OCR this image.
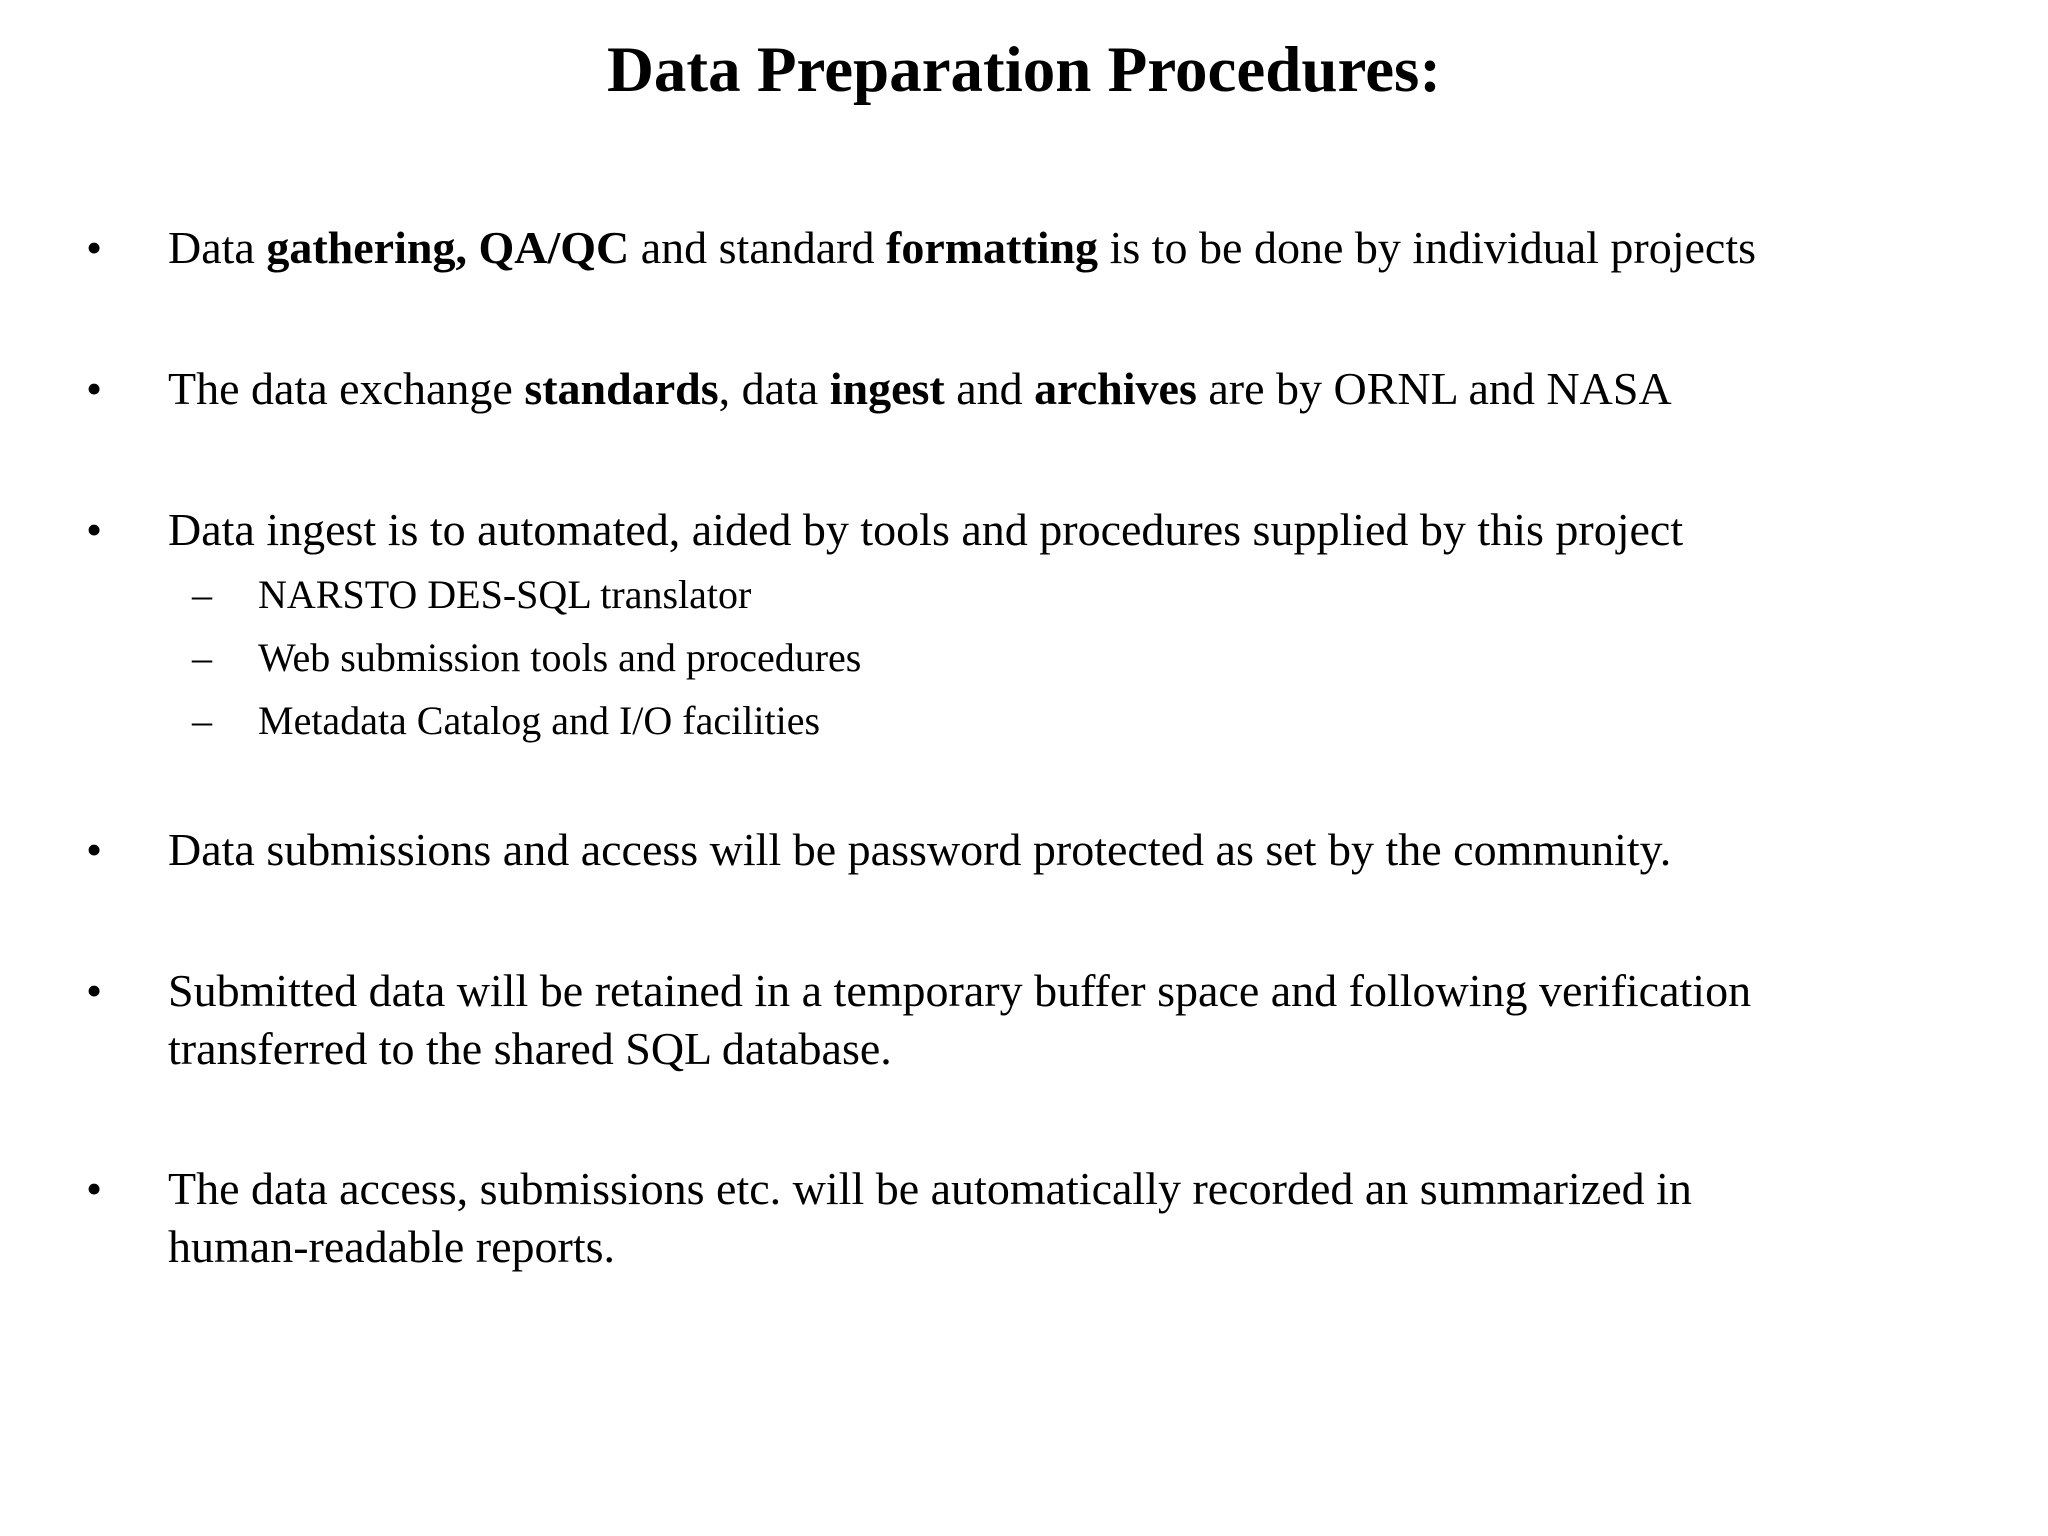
Data Preparation Procedures:
• Data gathering, QA/QC and standard formatting is to be done by individual projects
• The data exchange standards, data ingest and archives are by ORNL and NASA
• Data ingest is to automated, aided by tools and procedures supplied by this project
– NARSTO DES-SQL translator
– Web submission tools and procedures
– Metadata Catalog and I/O facilities
• Data submissions and access will be password protected as set by the community.
• Submitted data will be retained in a temporary buffer space and following verification
transferred to the shared SQL database.
• The data access, submissions etc. will be automatically recorded an summarized in
human-readable reports.
